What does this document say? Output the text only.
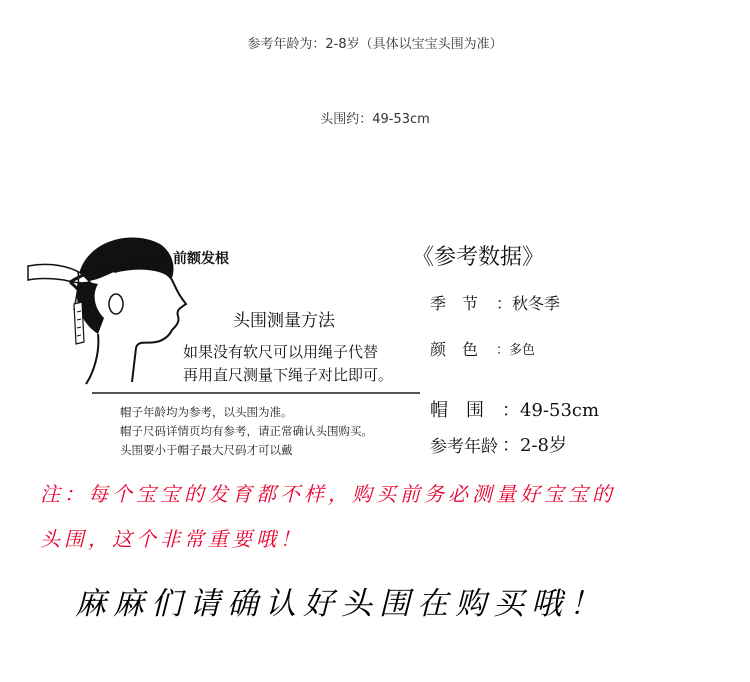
参考年龄为：2-8岁（具体以宝宝头围为准）
头围约：49-53cm
前额发根
头围测量方法
如果没有软尺可以用绳子代替
再用直尺测量下绳子对比即可。
帽子年龄均为参考，以头围为准。
帽子尺码详情页均有参考，请正常确认头围购买。
头围要小于帽子最大尺码才可以戴
《参考数据》
季　节 ：秋冬季
颜　色 ：多色
帽　围 ：49-53cm
参考年龄 ：2-8岁
注：每个宝宝的发育都不样，购买前务必测量好宝宝的
头围，这个非常重要哦！
麻麻们请确认好头围在购买哦！
